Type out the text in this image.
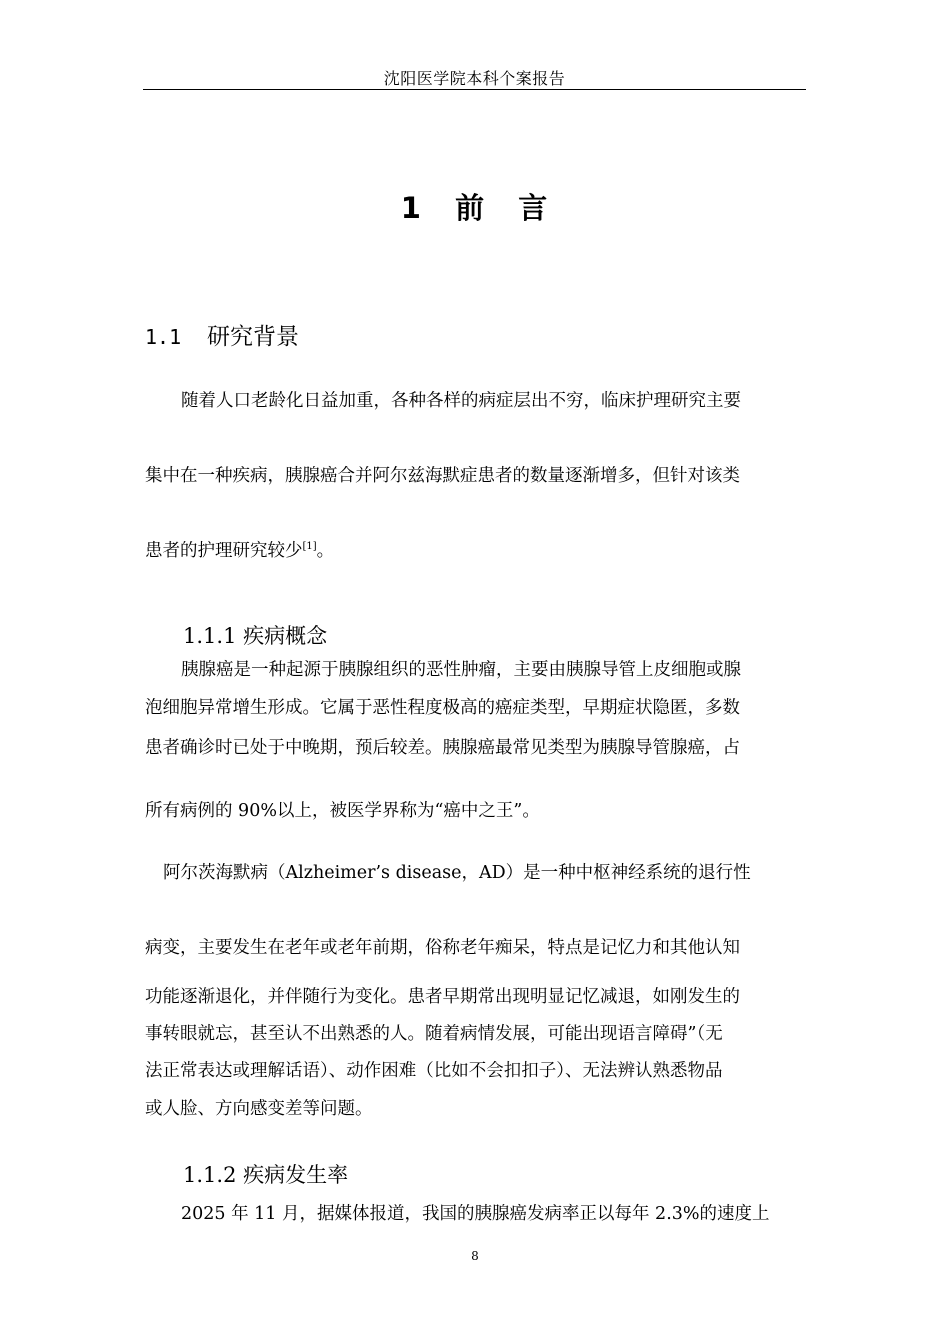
沈阳医学院本科个案报告
1 前 言
1.1 研究背景
随着人口老龄化日益加重，各种各样的病症层出不穷，临床护理研究主要
集中在一种疾病，胰腺癌合并阿尔兹海默症患者的数量逐渐增多，但针对该类
患者的护理研究较少[1]。
1.1.1 疾病概念
胰腺癌是一种起源于胰腺组织的恶性肿瘤，主要由胰腺导管上皮细胞或腺
泡细胞异常增生形成。它属于恶性程度极高的癌症类型，早期症状隐匿，多数
患者确诊时已处于中晚期，预后较差。胰腺癌最常见类型为胰腺导管腺癌，占
所有病例的 90%以上，被医学界称为“癌中之王”。
阿尔茨海默病（Alzheimer’s disease，AD）是一种中枢神经系统的退行性
病变，主要发生在老年或老年前期，俗称老年痴呆，特点是记忆力和其他认知
功能逐渐退化，并伴随行为变化。患者早期常出现明显记忆减退，如刚发生的
事转眼就忘，甚至认不出熟悉的人。随着病情发展，可能出现语言障碍”（无
法正常表达或理解话语）、动作困难（比如不会扣扣子）、无法辨认熟悉物品
或人脸、方向感变差等问题。
1.1.2 疾病发生率
2025 年 11 月，据媒体报道，我国的胰腺癌发病率正以每年 2.3%的速度上
8
